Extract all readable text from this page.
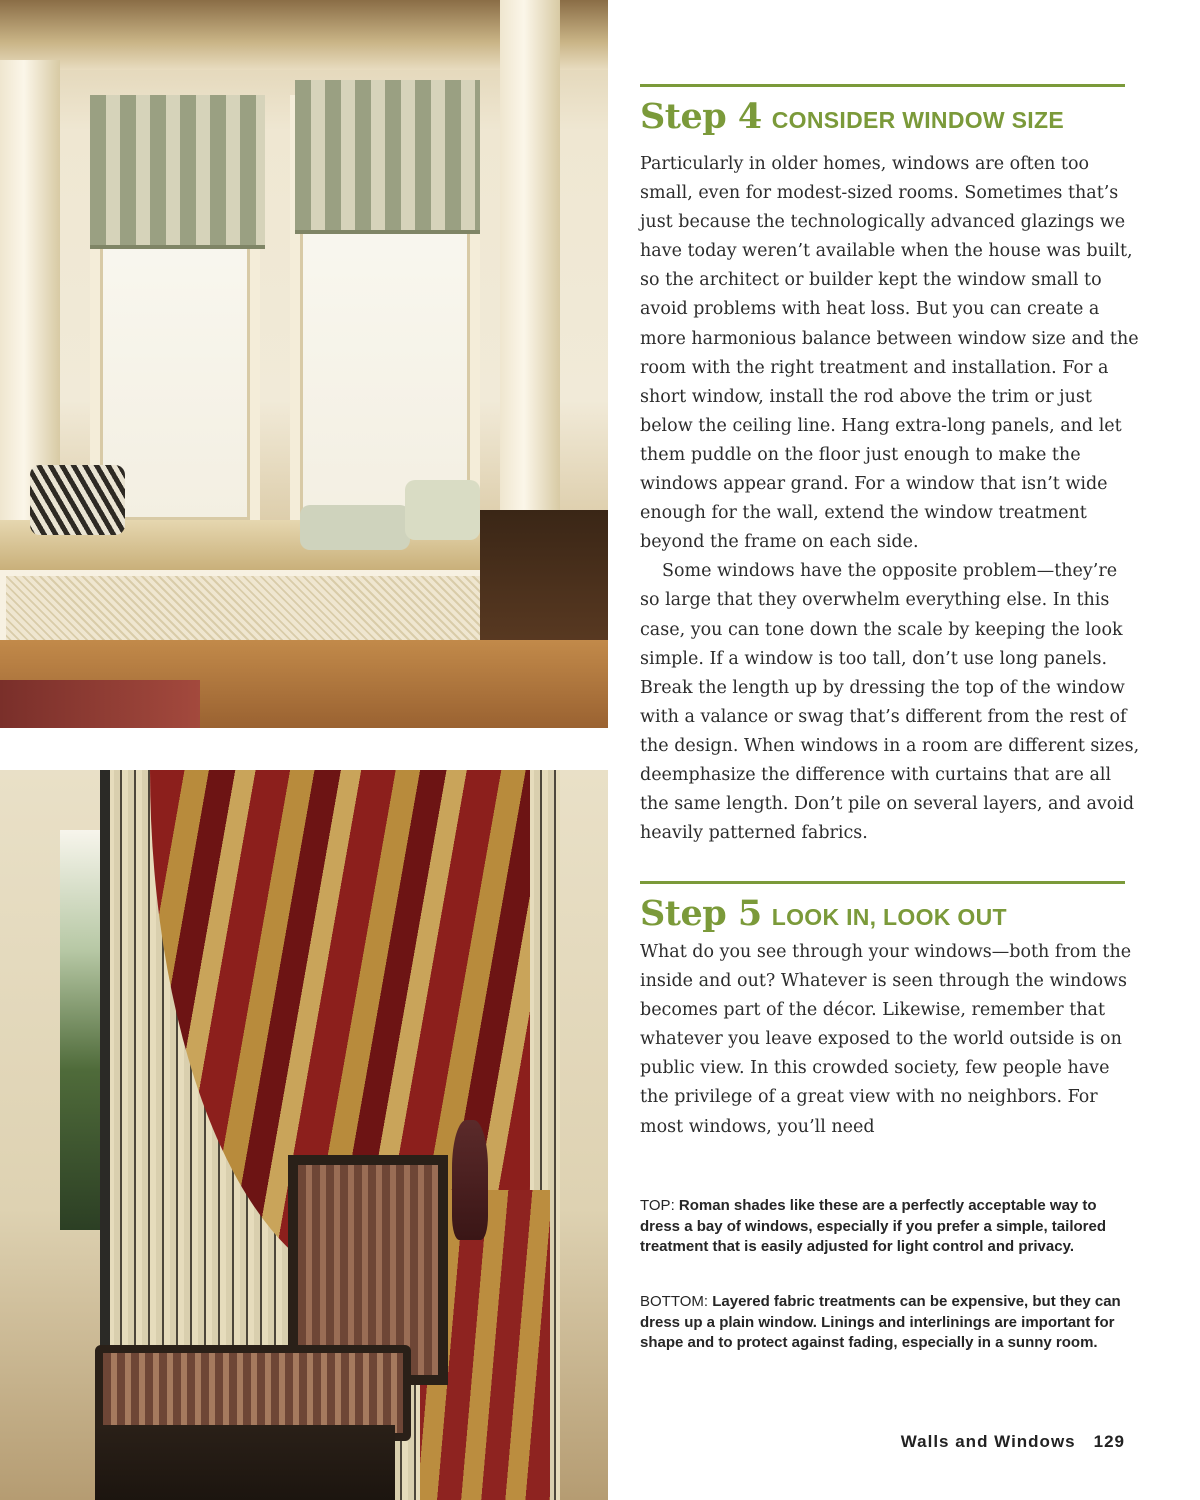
Step 4 CONSIDER WINDOW SIZE

Particularly in older homes, windows are often too small, even for modest-sized rooms. Sometimes that’s just because the technologically advanced glazings we have today weren’t available when the house was built, so the architect or builder kept the window small to avoid problems with heat loss. But you can create a more harmonious balance between window size and the room with the right treatment and installation. For a short window, install the rod above the trim or just below the ceiling line. Hang extra-long panels, and let them puddle on the floor just enough to make the windows appear grand. For a window that isn’t wide enough for the wall, extend the window treatment beyond the frame on each side.

Some windows have the opposite problem—they’re so large that they overwhelm everything else. In this case, you can tone down the scale by keeping the look simple. If a window is too tall, don’t use long panels. Break the length up by dressing the top of the window with a valance or swag that’s different from the rest of the design. When windows in a room are different sizes, deemphasize the difference with curtains that are all the same length. Don’t pile on several layers, and avoid heavily patterned fabrics.

Step 5 LOOK IN, LOOK OUT

What do you see through your windows—both from the inside and out? Whatever is seen through the windows becomes part of the décor. Likewise, remember that whatever you leave exposed to the world outside is on public view. In this crowded society, few people have the privilege of a great view with no neighbors. For most windows, you’ll need

TOP: Roman shades like these are a perfectly acceptable way to dress a bay of windows, especially if you prefer a simple, tailored treatment that is easily adjusted for light control and privacy.

BOTTOM: Layered fabric treatments can be expensive, but they can dress up a plain window. Linings and interlinings are important for shape and to protect against fading, especially in a sunny room.

Walls and Windows 129
